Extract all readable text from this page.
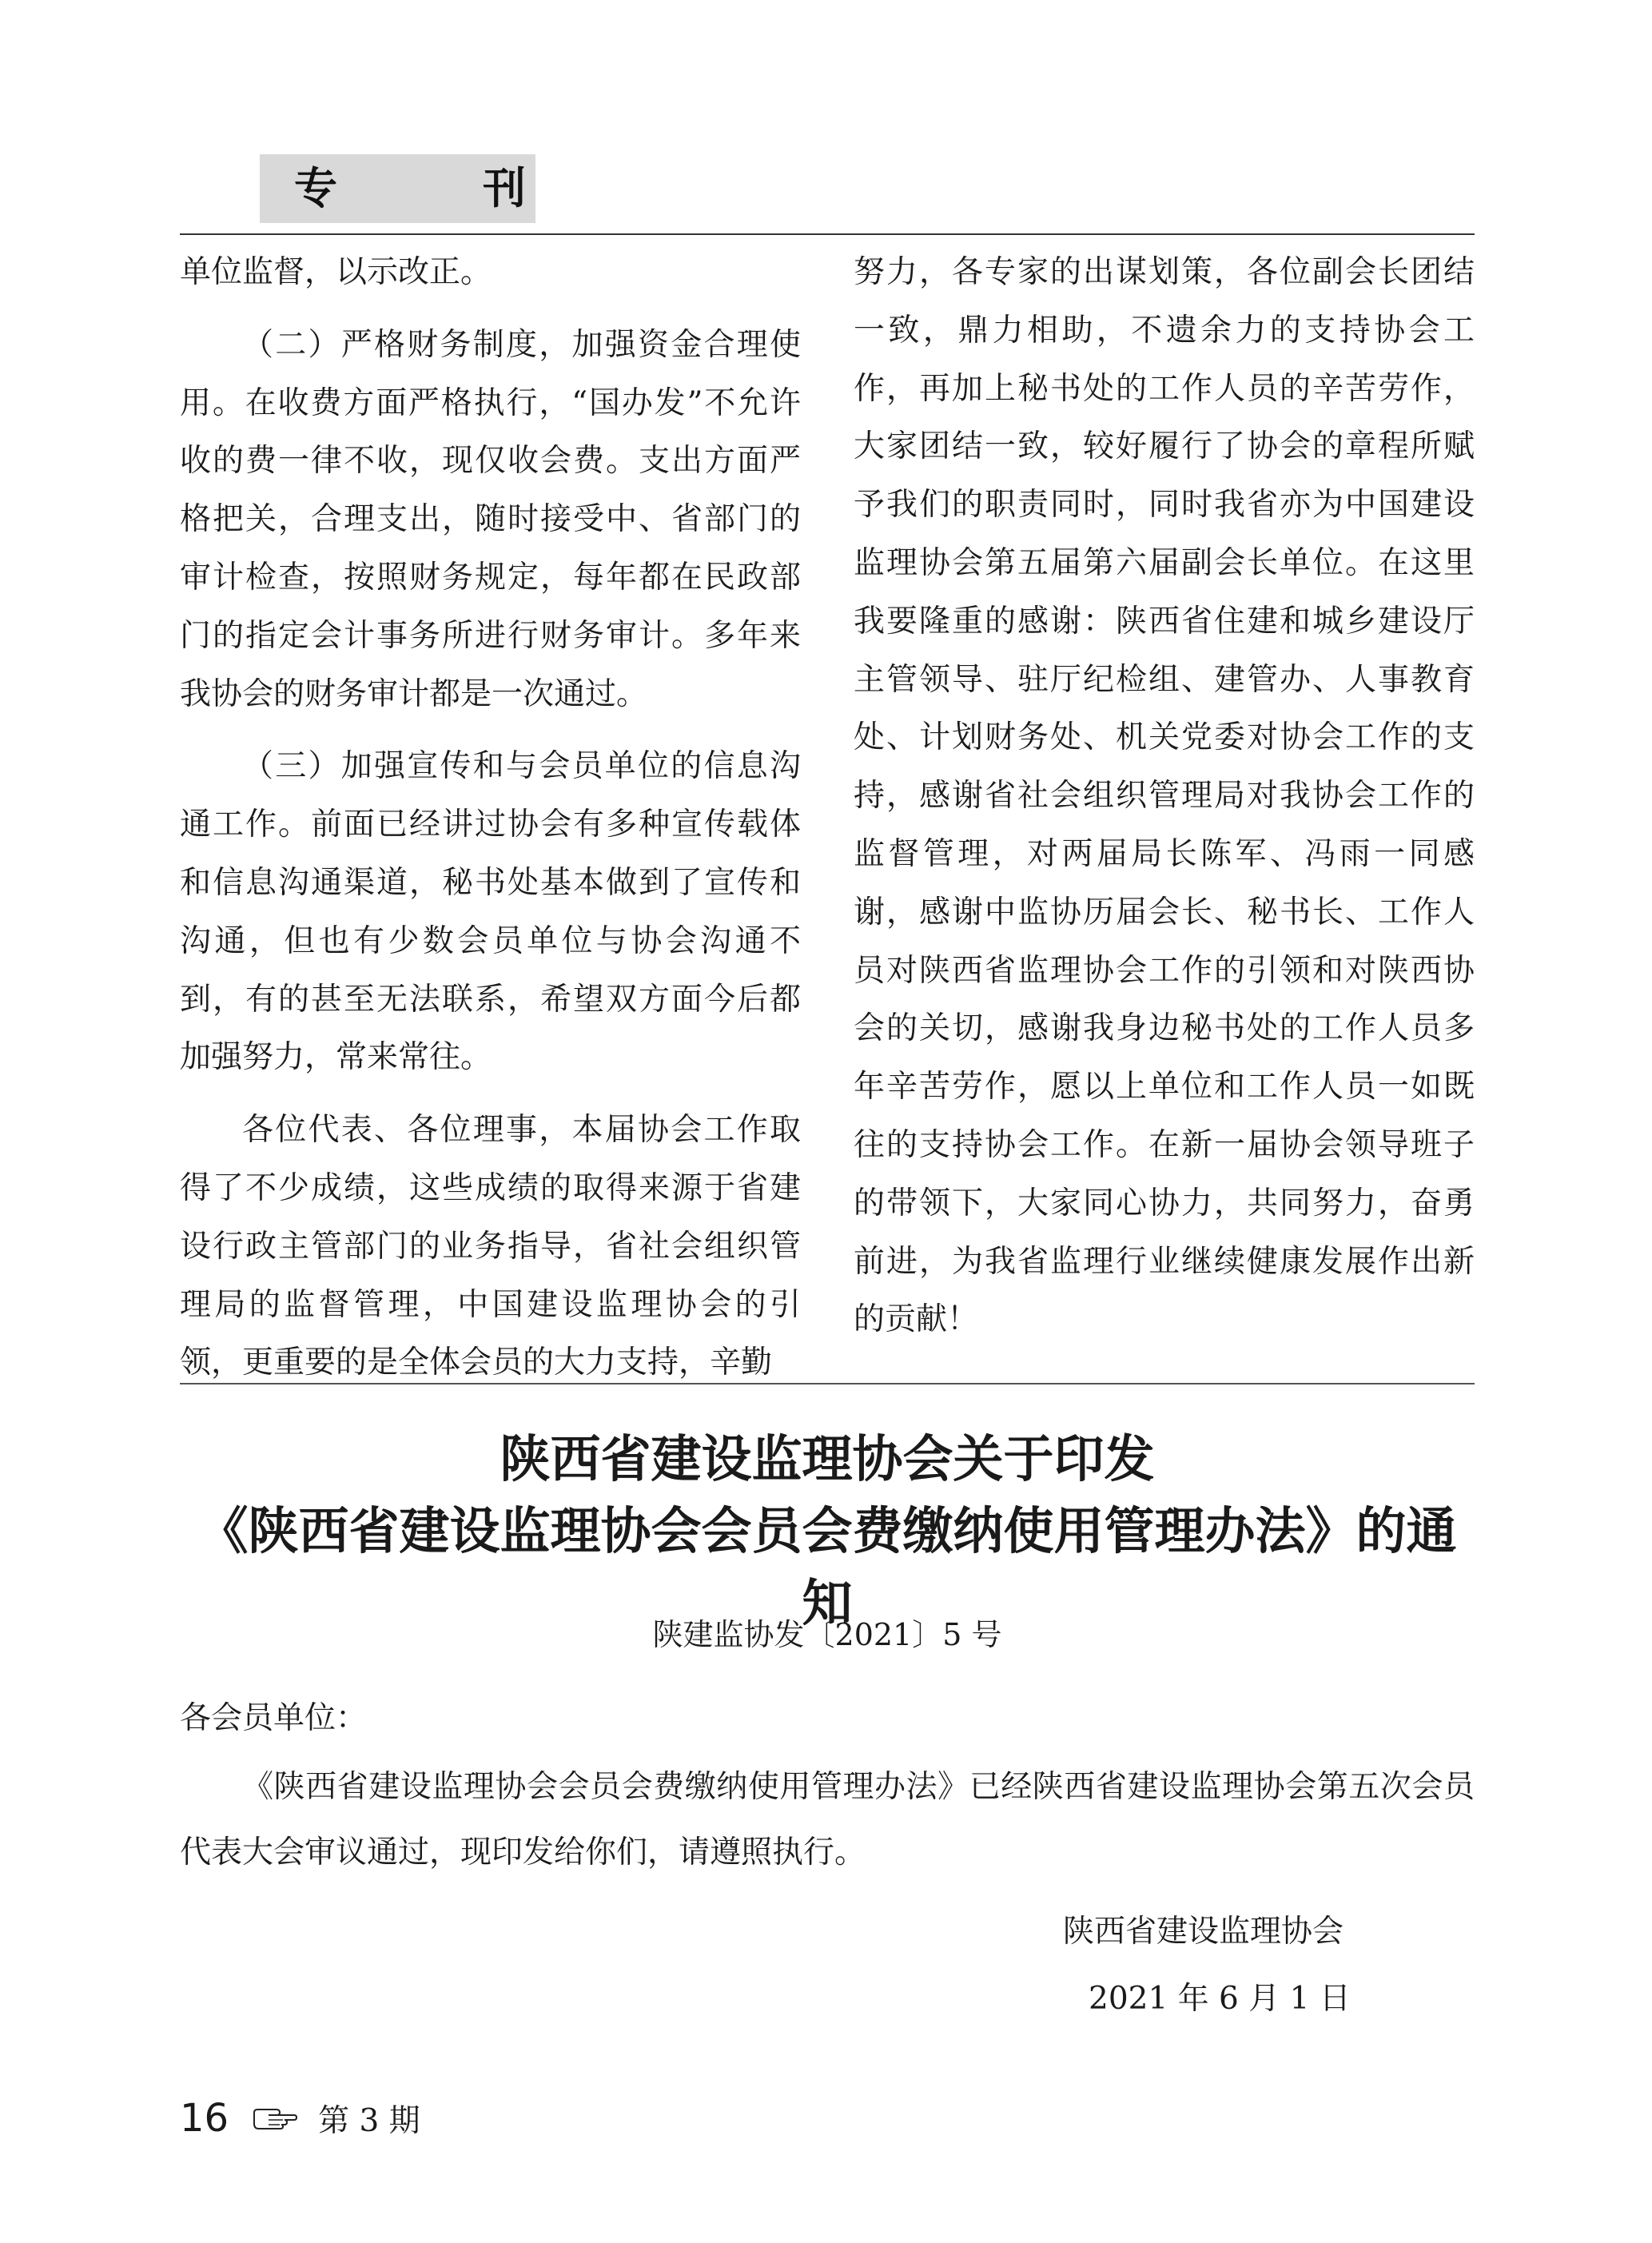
专	刊

单位监督，以示改正。

（二）严格财务制度，加强资金合理使用。在收费方面严格执行，“国办发”不允许收的费一律不收，现仅收会费。支出方面严格把关，合理支出，随时接受中、省部门的审计检查，按照财务规定，每年都在民政部门的指定会计事务所进行财务审计。多年来我协会的财务审计都是一次通过。

（三）加强宣传和与会员单位的信息沟通工作。前面已经讲过协会有多种宣传载体和信息沟通渠道，秘书处基本做到了宣传和沟通，但也有少数会员单位与协会沟通不到，有的甚至无法联系，希望双方面今后都加强努力，常来常往。

各位代表、各位理事，本届协会工作取得了不少成绩，这些成绩的取得来源于省建设行政主管部门的业务指导，省社会组织管理局的监督管理，中国建设监理协会的引领，更重要的是全体会员的大力支持，辛勤

努力，各专家的出谋划策，各位副会长团结一致，鼎力相助，不遗余力的支持协会工作，再加上秘书处的工作人员的辛苦劳作，大家团结一致，较好履行了协会的章程所赋予我们的职责同时，同时我省亦为中国建设监理协会第五届第六届副会长单位。在这里我要隆重的感谢：陕西省住建和城乡建设厅主管领导、驻厅纪检组、建管办、人事教育处、计划财务处、机关党委对协会工作的支持，感谢省社会组织管理局对我协会工作的监督管理，对两届局长陈军、冯雨一同感谢，感谢中监协历届会长、秘书长、工作人员对陕西省监理协会工作的引领和对陕西协会的关切，感谢我身边秘书处的工作人员多年辛苦劳作，愿以上单位和工作人员一如既往的支持协会工作。在新一届协会领导班子的带领下，大家同心协力，共同努力，奋勇前进，为我省监理行业继续健康发展作出新的贡献！

陕西省建设监理协会关于印发
《陕西省建设监理协会会员会费缴纳使用管理办法》的通知
陕建监协发〔2021〕5 号
各会员单位：

《陕西省建设监理协会会员会费缴纳使用管理办法》已经陕西省建设监理协会第五次会员代表大会审议通过，现印发给你们，请遵照执行。

陕西省建设监理协会
2021 年 6 月 1 日
16	第 3 期
